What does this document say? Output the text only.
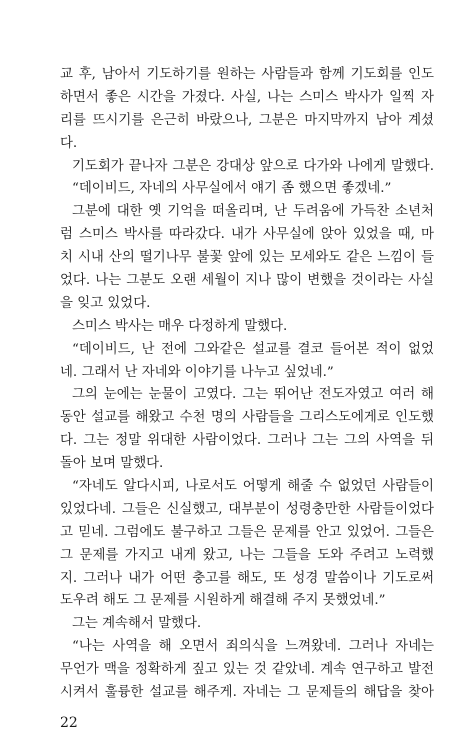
교 후, 남아서 기도하기를 원하는 사람들과 함께 기도회를 인도
하면서 좋은 시간을 가졌다. 사실, 나는 스미스 박사가 일찍 자
리를 뜨시기를 은근히 바랐으나, 그분은 마지막까지 남아 계셨
다.
기도회가 끝나자 그분은 강대상 앞으로 다가와 나에게 말했다.
“데이비드, 자네의 사무실에서 얘기 좀 했으면 좋겠네.”
그분에 대한 옛 기억을 떠올리며, 난 두려움에 가득찬 소년처
럼 스미스 박사를 따라갔다. 내가 사무실에 앉아 있었을 때, 마
치 시내 산의 떨기나무 불꽃 앞에 있는 모세와도 같은 느낌이 들
었다. 나는 그분도 오랜 세월이 지나 많이 변했을 것이라는 사실
을 잊고 있었다.
스미스 박사는 매우 다정하게 말했다.
“데이비드, 난 전에 그와같은 설교를 결코 들어본 적이 없었
네. 그래서 난 자네와 이야기를 나누고 싶었네.”
그의 눈에는 눈물이 고였다. 그는 뛰어난 전도자였고 여러 해
동안 설교를 해왔고 수천 명의 사람들을 그리스도에게로 인도했
다. 그는 정말 위대한 사람이었다. 그러나 그는 그의 사역을 뒤
돌아 보며 말했다.
“자네도 알다시피, 나로서도 어떻게 해줄 수 없었던 사람들이
있었다네. 그들은 신실했고, 대부분이 성령충만한 사람들이었다
고 믿네. 그럼에도 불구하고 그들은 문제를 안고 있었어. 그들은
그 문제를 가지고 내게 왔고, 나는 그들을 도와 주려고 노력했
지. 그러나 내가 어떤 충고를 해도, 또 성경 말씀이나 기도로써
도우려 해도 그 문제를 시원하게 해결해 주지 못했었네.”
그는 계속해서 말했다.
“나는 사역을 해 오면서 죄의식을 느껴왔네. 그러나 자네는
무언가 맥을 정확하게 짚고 있는 것 같았네. 계속 연구하고 발전
시켜서 훌륭한 설교를 해주게. 자네는 그 문제들의 해답을 찾아
22
